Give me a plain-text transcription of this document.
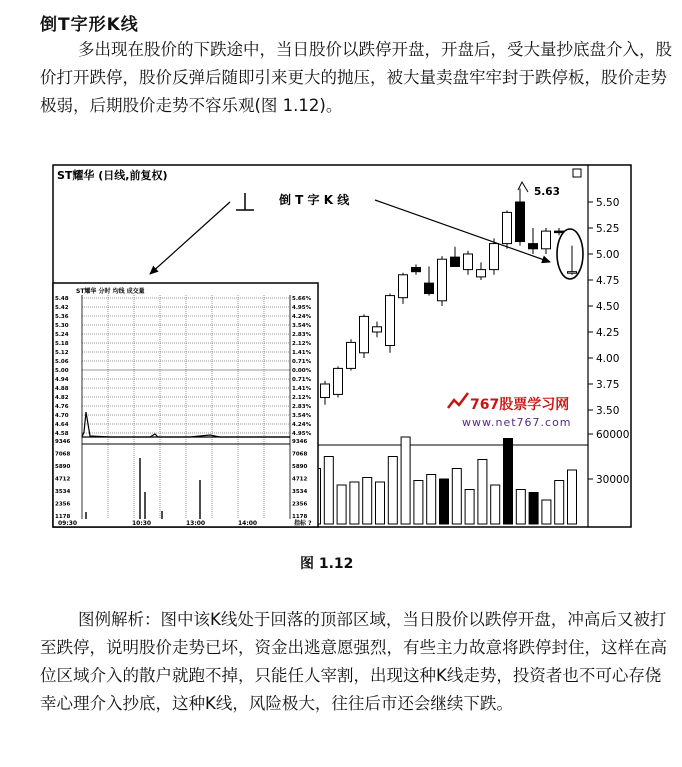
倒T字形K线

多出现在股价的下跌途中，当日股价以跌停开盘，开盘后，受大量抄底盘介入，股价打开跌停，股价反弹后随即引来更大的抛压，被大量卖盘牢牢封于跌停板，股价走势极弱，后期股价走势不容乐观(图 1.12)。

ST耀华 (日线,前复权)
倒 T 字 K 线
5.63
3.50
3.75
4.00
4.25
4.50
4.75
5.00
5.25
5.50
60000
30000
767股票学习网
www.net767.com
ST耀华 分时 均线 成交量
5.48
5.42
5.36
5.30
5.24
5.18
5.12
5.06
5.00
4.94
4.88
4.82
4.76
4.70
4.64
4.58
5.66%
4.95%
4.24%
3.54%
2.83%
2.12%
1.41%
0.71%
0.00%
0.71%
1.41%
2.12%
2.83%
3.54%
4.24%
4.95%
9346
7068
5890
4712
3534
2356
1178
9346
7068
5890
4712
3534
2356
1178
09:30	10:30	13:00	14:00	指标 ?
图 1.12

图例解析：图中该K线处于回落的顶部区域，当日股价以跌停开盘，冲高后又被打至跌停，说明股价走势已坏，资金出逃意愿强烈，有些主力故意将跌停封住，这样在高位区域介入的散户就跑不掉，只能任人宰割，出现这种K线走势，投资者也不可心存侥幸心理介入抄底，这种K线，风险极大，往往后市还会继续下跌。
